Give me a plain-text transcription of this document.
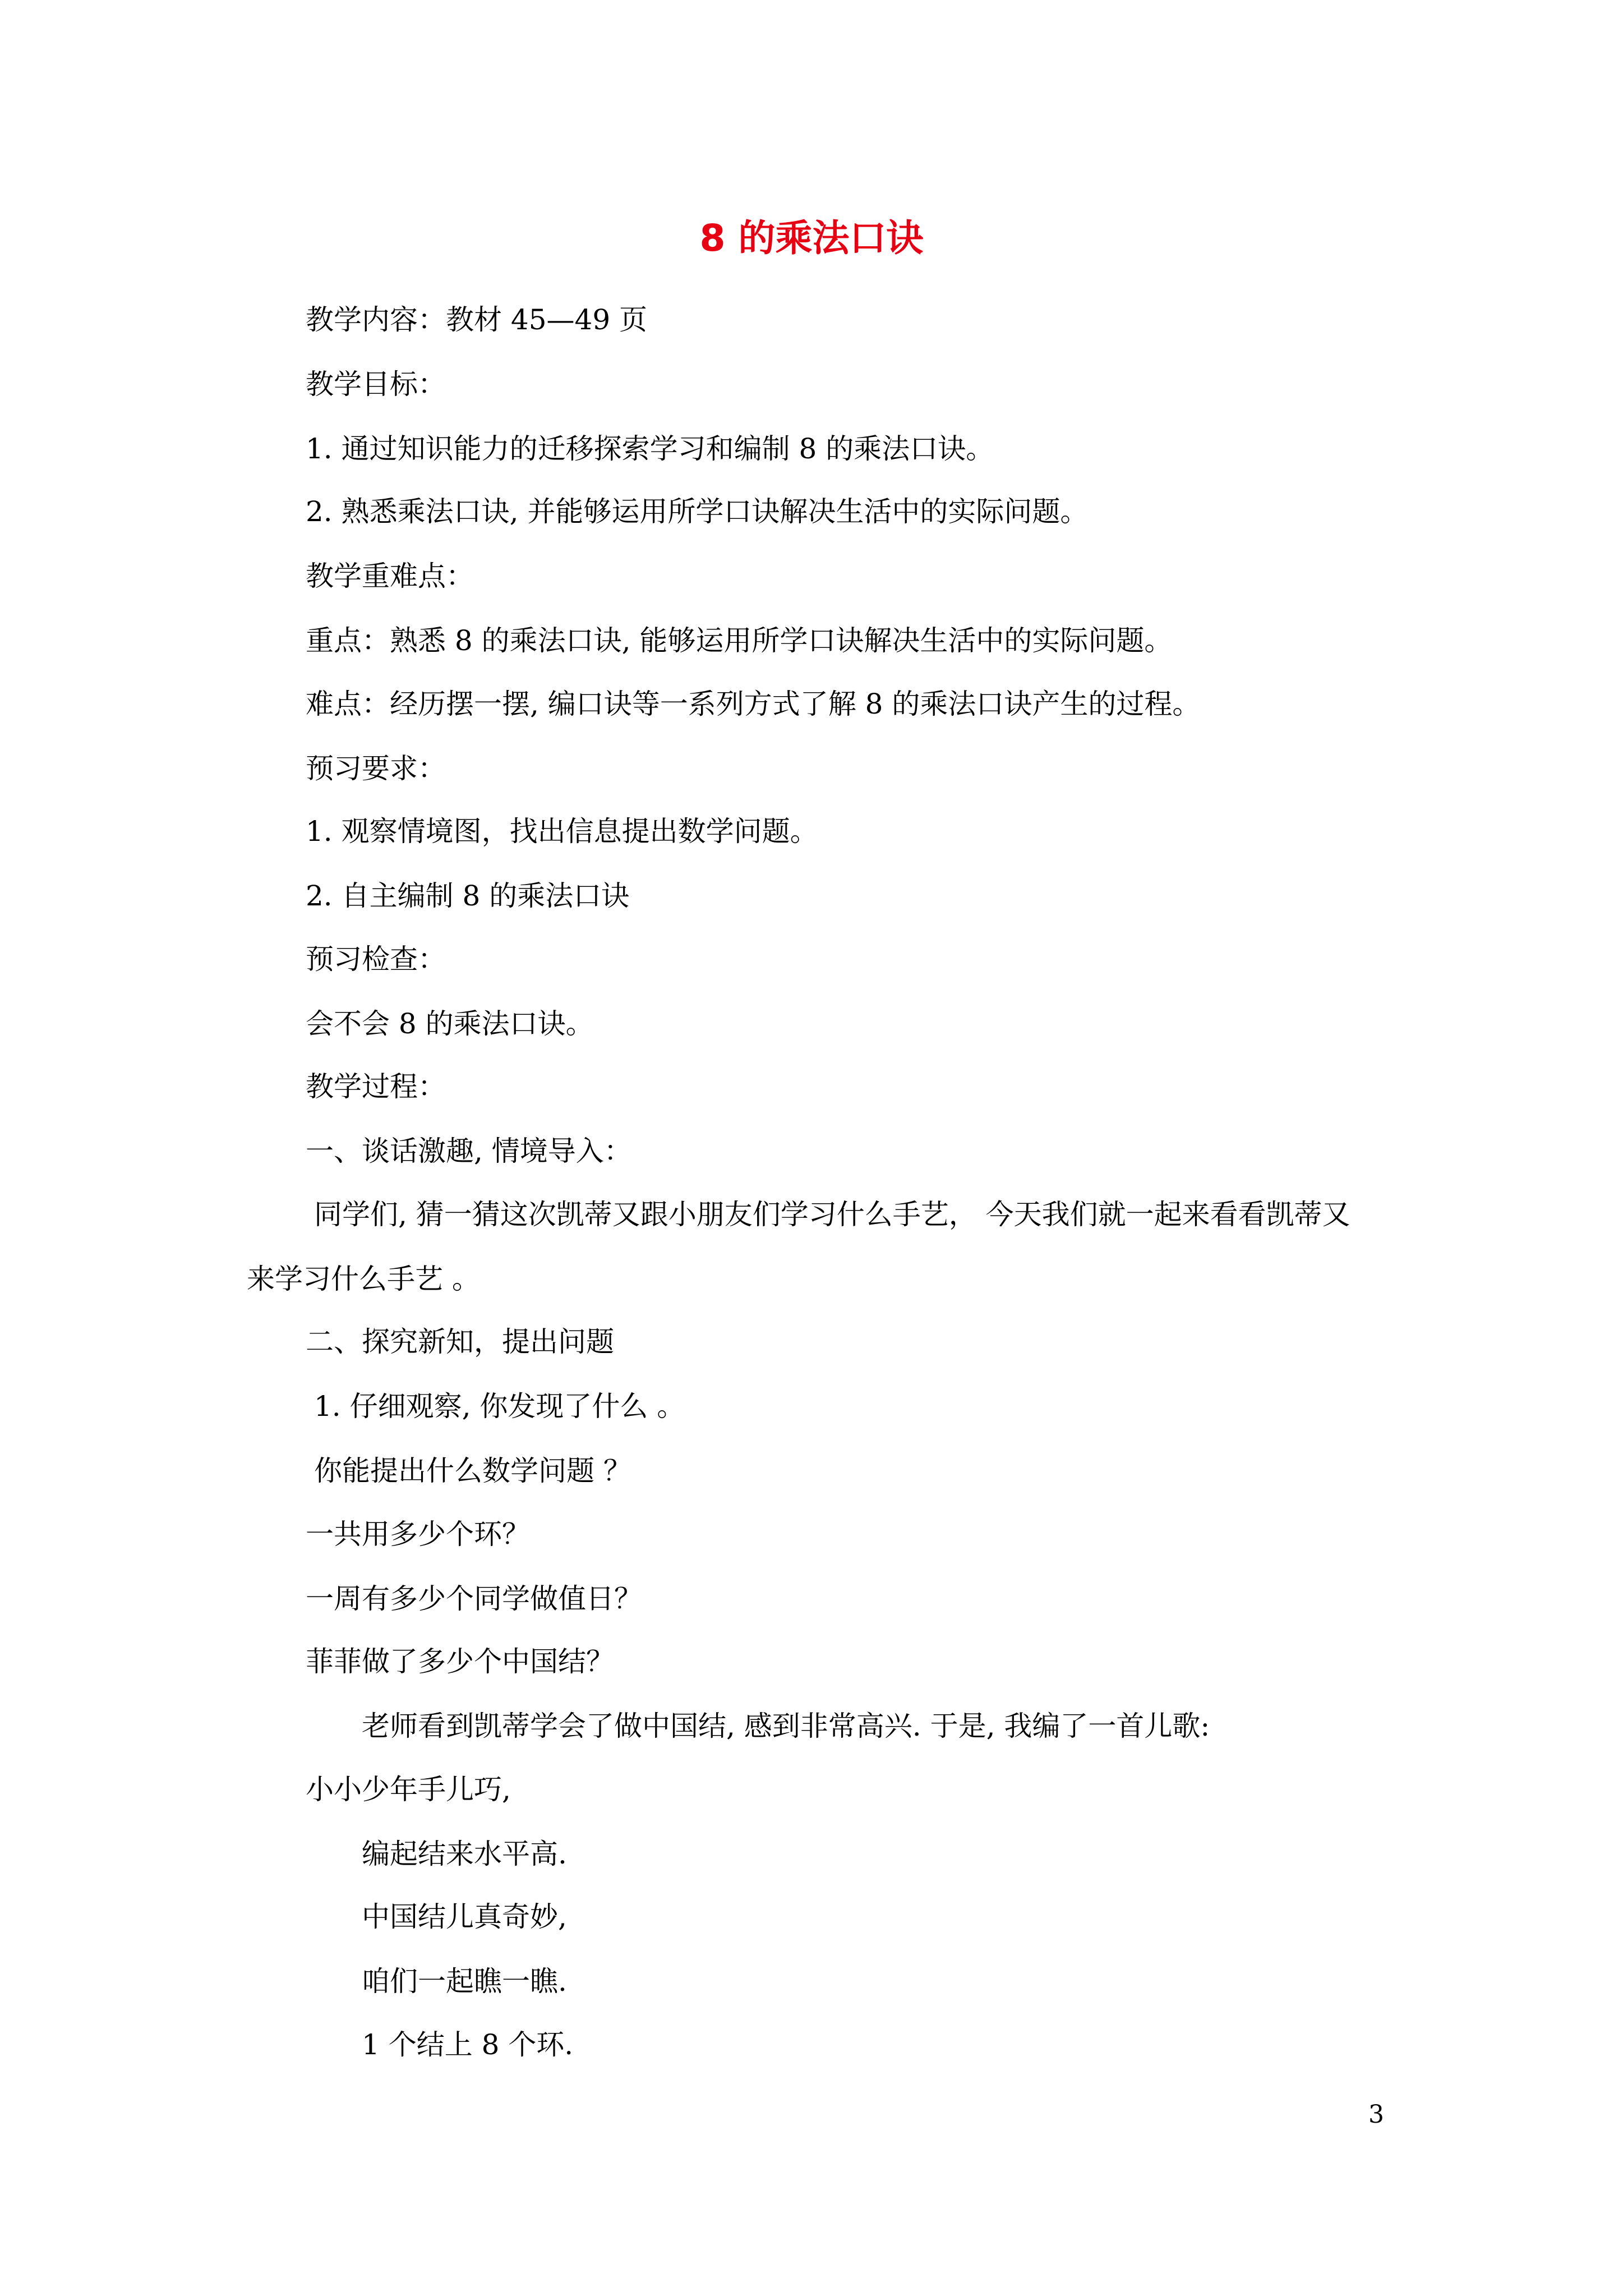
8 的乘法口诀

教学内容：教材 45—49 页

教学目标：

1. 通过知识能力的迁移探索学习和编制 8 的乘法口诀。

2. 熟悉乘法口诀, 并能够运用所学口诀解决生活中的实际问题。

教学重难点：

重点：熟悉 8 的乘法口诀, 能够运用所学口诀解决生活中的实际问题。

难点：经历摆一摆, 编口诀等一系列方式了解 8 的乘法口诀产生的过程。

预习要求：

1. 观察情境图，找出信息提出数学问题。

2. 自主编制 8 的乘法口诀

预习检查：

会不会 8 的乘法口诀。

教学过程：

一、谈话激趣, 情境导入：

同学们, 猜一猜这次凯蒂又跟小朋友们学习什么手艺， 今天我们就一起来看看凯蒂又

来学习什么手艺 。

二、探究新知，提出问题

1. 仔细观察, 你发现了什么 。

你能提出什么数学问题 ？

一共用多少个环？

一周有多少个同学做值日？

菲菲做了多少个中国结？

老师看到凯蒂学会了做中国结, 感到非常高兴. 于是, 我编了一首儿歌:

小小少年手儿巧,

编起结来水平高.

中国结儿真奇妙,

咱们一起瞧一瞧.

1 个结上 8 个环.

3
